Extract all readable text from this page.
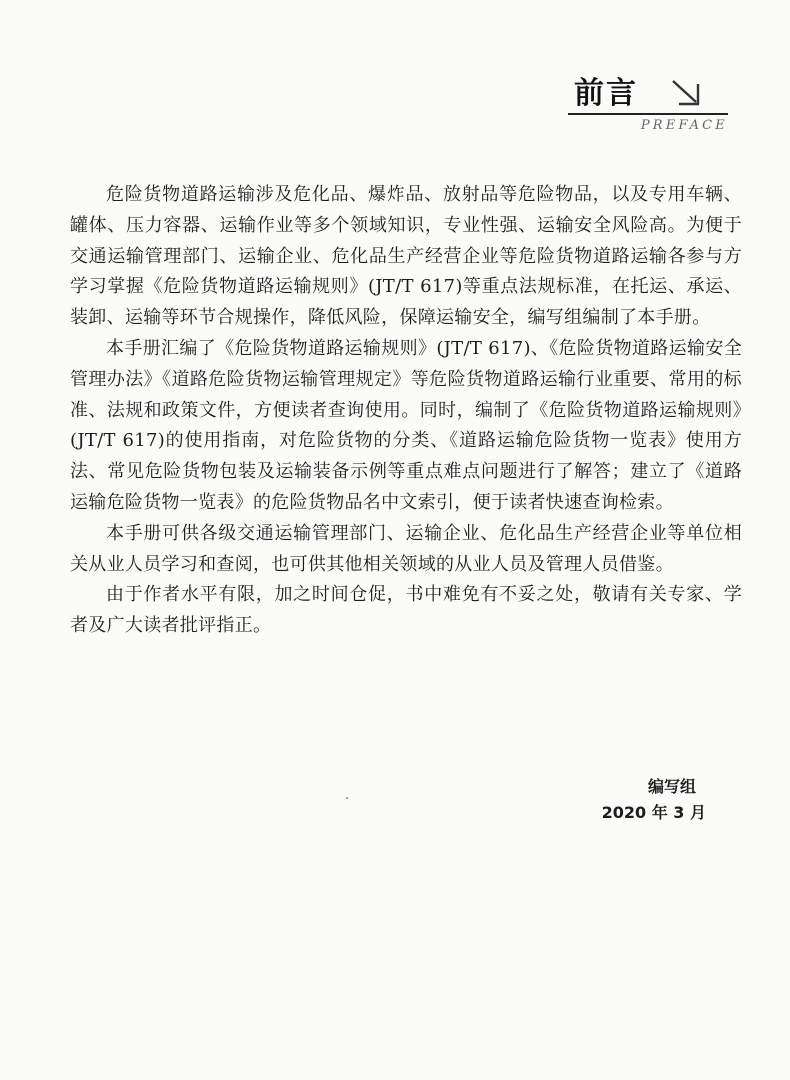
前言
PREFACE

危险货物道路运输涉及危化品、爆炸品、放射品等危险物品，以及专用车辆、罐体、压力容器、运输作业等多个领域知识，专业性强、运输安全风险高。为便于交通运输管理部门、运输企业、危化品生产经营企业等危险货物道路运输各参与方学习掌握《危险货物道路运输规则》(JT/T 617)等重点法规标准，在托运、承运、装卸、运输等环节合规操作，降低风险，保障运输安全，编写组编制了本手册。

本手册汇编了《危险货物道路运输规则》(JT/T 617)、《危险货物道路运输安全管理办法》《道路危险货物运输管理规定》等危险货物道路运输行业重要、常用的标准、法规和政策文件，方便读者查询使用。同时，编制了《危险货物道路运输规则》(JT/T 617)的使用指南，对危险货物的分类、《道路运输危险货物一览表》使用方法、常见危险货物包装及运输装备示例等重点难点问题进行了解答；建立了《道路运输危险货物一览表》的危险货物品名中文索引，便于读者快速查询检索。

本手册可供各级交通运输管理部门、运输企业、危化品生产经营企业等单位相关从业人员学习和查阅，也可供其他相关领域的从业人员及管理人员借鉴。

由于作者水平有限，加之时间仓促，书中难免有不妥之处，敬请有关专家、学者及广大读者批评指正。

编写组
2020 年 3 月
